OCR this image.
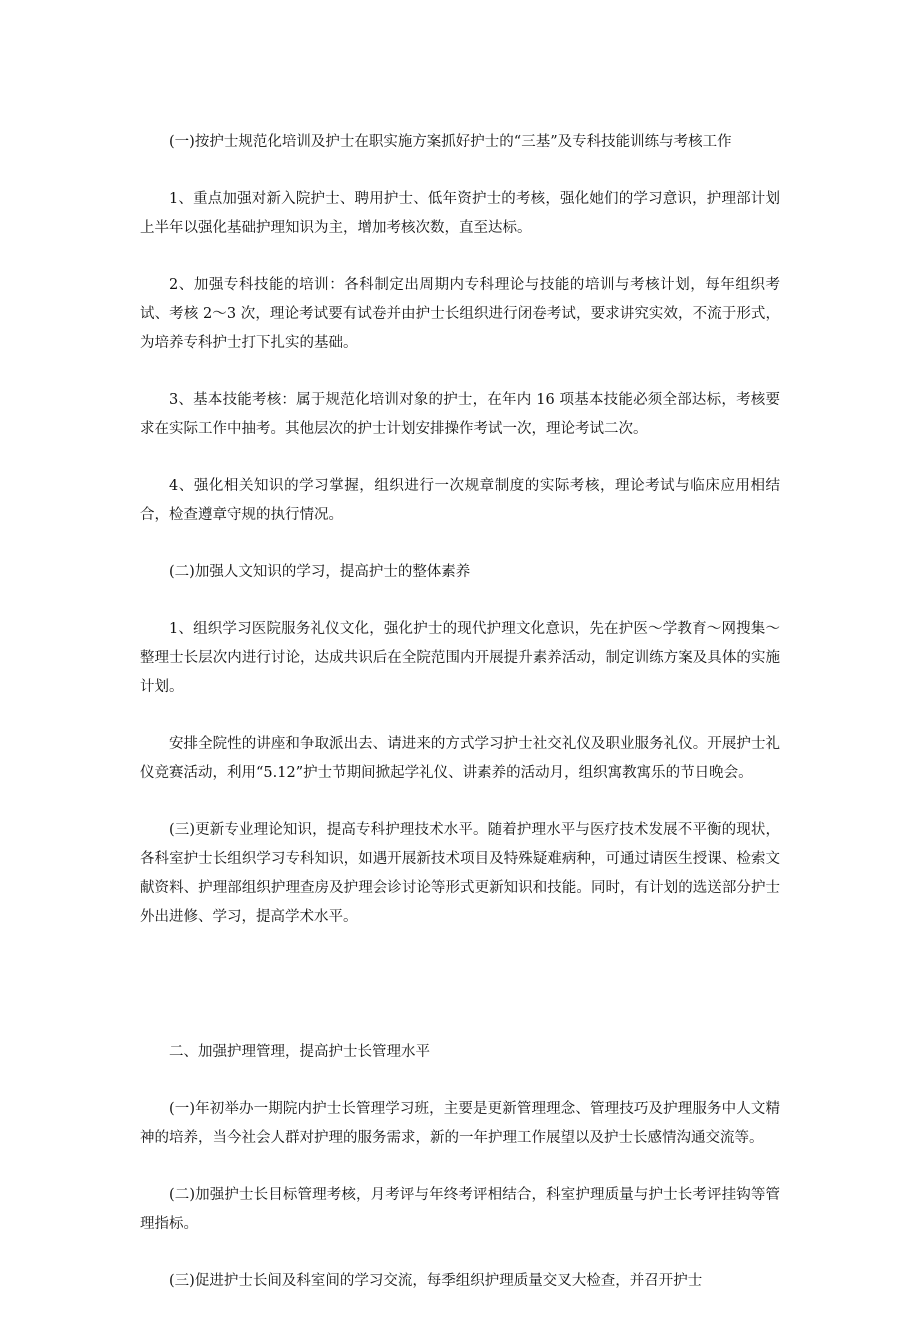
(一)按护士规范化培训及护士在职实施方案抓好护士的“三基”及专科技能训练与考核工作

1、重点加强对新入院护士、聘用护士、低年资护士的考核，强化她们的学习意识，护理部计划上半年以强化基础护理知识为主，增加考核次数，直至达标。

2、加强专科技能的培训：各科制定出周期内专科理论与技能的培训与考核计划，每年组织考试、考核 2～3 次，理论考试要有试卷并由护士长组织进行闭卷考试，要求讲究实效，不流于形式，为培养专科护士打下扎实的基础。

3、基本技能考核：属于规范化培训对象的护士，在年内 16 项基本技能必须全部达标，考核要求在实际工作中抽考。其他层次的护士计划安排操作考试一次，理论考试二次。

4、强化相关知识的学习掌握，组织进行一次规章制度的实际考核，理论考试与临床应用相结合，检查遵章守规的执行情况。

(二)加强人文知识的学习，提高护士的整体素养

1、组织学习医院服务礼仪文化，强化护士的现代护理文化意识，先在护医～学教育～网搜集～整理士长层次内进行讨论，达成共识后在全院范围内开展提升素养活动，制定训练方案及具体的实施计划。

安排全院性的讲座和争取派出去、请进来的方式学习护士社交礼仪及职业服务礼仪。开展护士礼仪竞赛活动，利用“5.12”护士节期间掀起学礼仪、讲素养的活动月，组织寓教寓乐的节日晚会。

(三)更新专业理论知识，提高专科护理技术水平。随着护理水平与医疗技术发展不平衡的现状，各科室护士长组织学习专科知识，如遇开展新技术项目及特殊疑难病种，可通过请医生授课、检索文献资料、护理部组织护理查房及护理会诊讨论等形式更新知识和技能。同时，有计划的选送部分护士外出进修、学习，提高学术水平。

二、加强护理管理，提高护士长管理水平

(一)年初举办一期院内护士长管理学习班，主要是更新管理理念、管理技巧及护理服务中人文精神的培养，当今社会人群对护理的服务需求，新的一年护理工作展望以及护士长感情沟通交流等。

(二)加强护士长目标管理考核，月考评与年终考评相结合，科室护理质量与护士长考评挂钩等管理指标。

(三)促进护士长间及科室间的学习交流，每季组织护理质量交叉大检查，并召开护士
